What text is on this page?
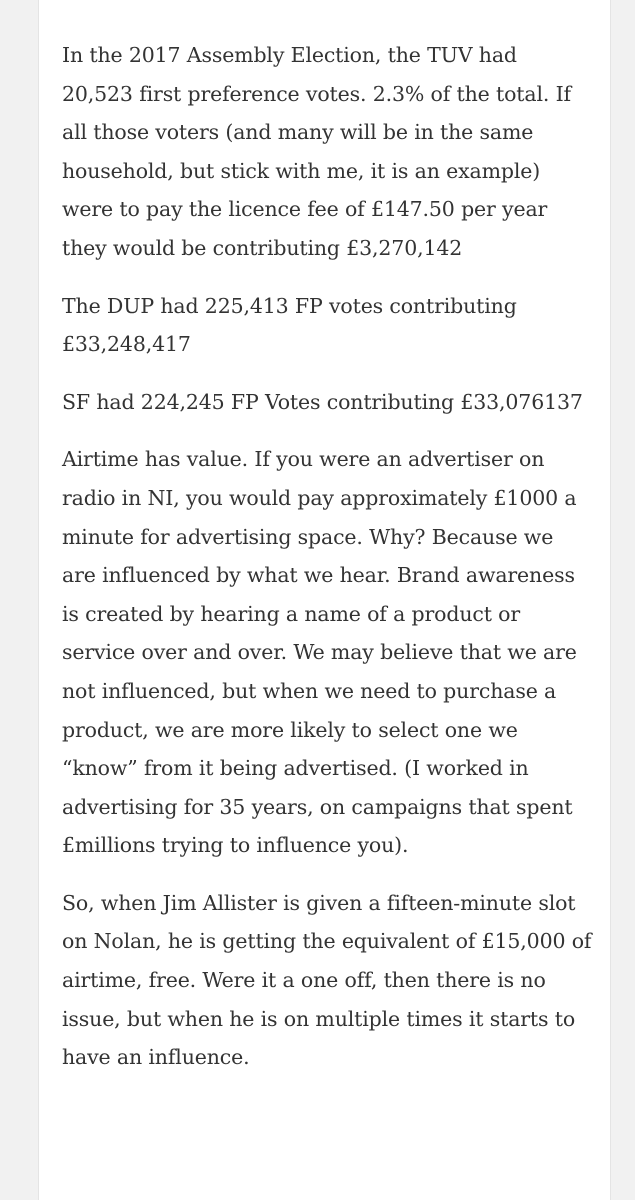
In the 2017 Assembly Election, the TUV had 20,523 first preference votes. 2.3% of the total. If all those voters (and many will be in the same household, but stick with me, it is an example) were to pay the licence fee of £147.50 per year they would be contributing £3,270,142

The DUP had 225,413 FP votes contributing £33,248,417

SF had 224,245 FP Votes contributing £33,076137

Airtime has value. If you were an advertiser on radio in NI, you would pay approximately £1000 a minute for advertising space. Why? Because we are influenced by what we hear. Brand awareness is created by hearing a name of a product or service over and over. We may believe that we are not influenced, but when we need to purchase a product, we are more likely to select one we “know” from it being advertised. (I worked in advertising for 35 years, on campaigns that spent £millions trying to influence you).

So, when Jim Allister is given a fifteen-minute slot on Nolan, he is getting the equivalent of £15,000 of airtime, free. Were it a one off, then there is no issue, but when he is on multiple times it starts to have an influence.
